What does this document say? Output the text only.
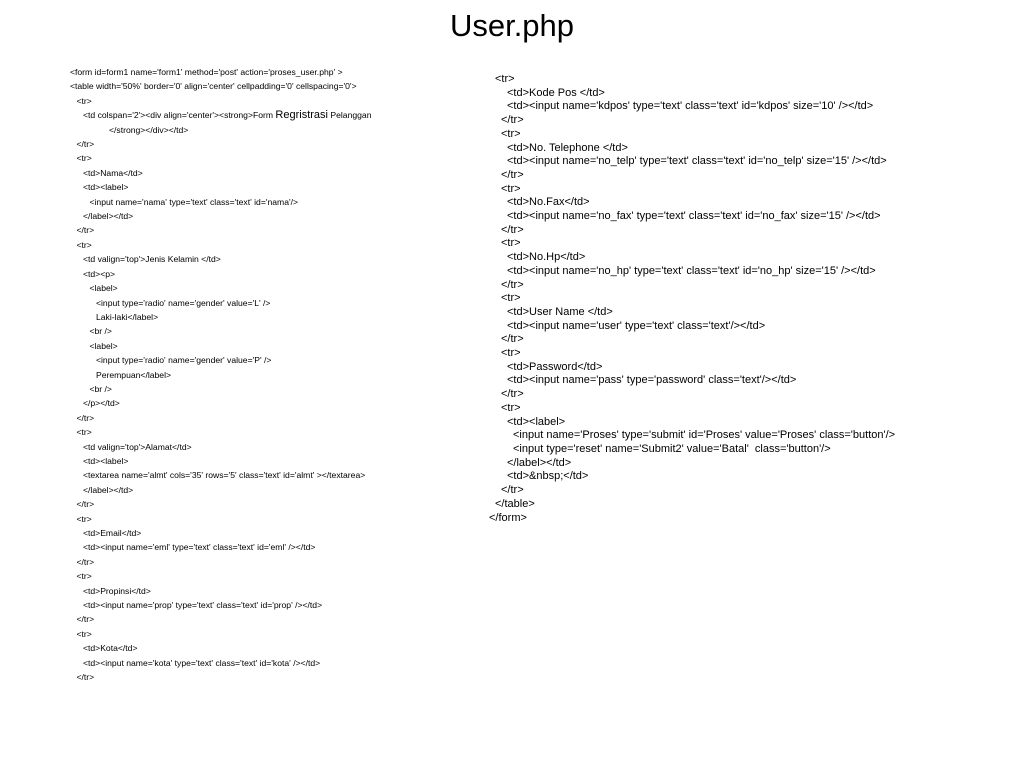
User.php
<form id=form1 name='form1' method='post' action='proses_user.php' >
<table width='50%' border='0' align='center' cellpadding='0' cellspacing='0'>
<tr>
<td colspan='2'><div align='center'><strong>Form Regristrasi Pelanggan
</strong></div></td>
</tr>
<tr>
<td>Nama</td>
<td><label>
<input name='nama' type='text' class='text' id='nama'/>
</label></td>
</tr>
<tr>
<td valign='top'>Jenis Kelamin </td>
<td><p>
<label>
<input type='radio' name='gender' value='L' />
Laki-laki</label>
<br />
<label>
<input type='radio' name='gender' value='P' />
Perempuan</label>
<br />
</p></td>
</tr>
<tr>
<td valign='top'>Alamat</td>
<td><label>
<textarea name='almt' cols='35' rows='5' class='text' id='almt' ></textarea>
</label></td>
</tr>
<tr>
<td>Email</td>
<td><input name='eml' type='text' class='text' id='eml' /></td>
</tr>
<tr>
<td>Propinsi</td>
<td><input name='prop' type='text' class='text' id='prop' /></td>
</tr>
<tr>
<td>Kota</td>
<td><input name='kota' type='text' class='text' id='kota' /></td>
</tr>
<tr>
<td>Kode Pos </td>
<td><input name='kdpos' type='text' class='text' id='kdpos' size='10' /></td>
</tr>
<tr>
<td>No. Telephone </td>
<td><input name='no_telp' type='text' class='text' id='no_telp' size='15' /></td>
</tr>
<tr>
<td>No.Fax</td>
<td><input name='no_fax' type='text' class='text' id='no_fax' size='15' /></td>
</tr>
<tr>
<td>No.Hp</td>
<td><input name='no_hp' type='text' class='text' id='no_hp' size='15' /></td>
</tr>
<tr>
<td>User Name </td>
<td><input name='user' type='text' class='text'/></td>
</tr>
<tr>
<td>Password</td>
<td><input name='pass' type='password' class='text'/></td>
</tr>
<tr>
<td><label>
<input name='Proses' type='submit' id='Proses' value='Proses' class='button'/>
<input type='reset' name='Submit2' value='Batal'  class='button'/>
</label></td>
<td>&nbsp;</td>
</tr>
</table>
</form>
